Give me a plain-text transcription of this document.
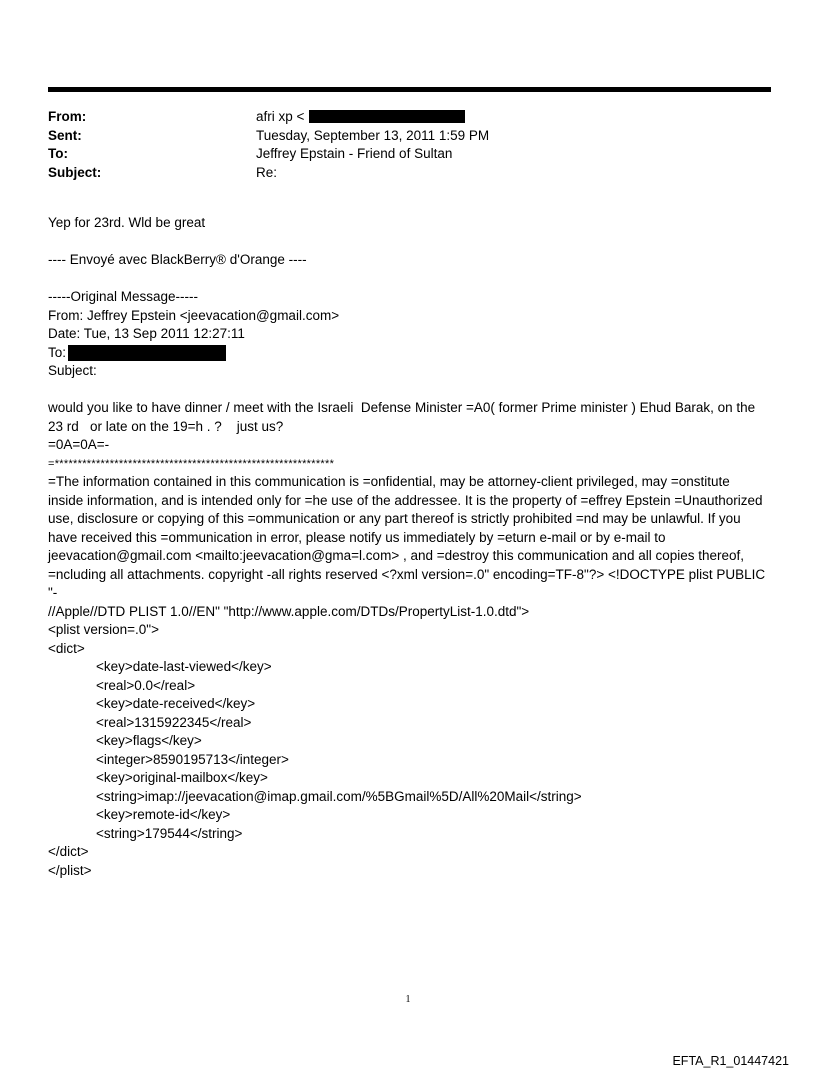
From:	afri xp <
Sent:	Tuesday, September 13, 2011 1:59 PM
To:	Jeffrey Epstain - Friend of Sultan
Subject:	Re:

Yep for 23rd. Wld be great

---- Envoyé avec BlackBerry® d'Orange ----

-----Original Message-----

From: Jeffrey Epstein <jeevacation@gmail.com>

Date: Tue, 13 Sep 2011 12:27:11

To:

Subject:

would you like to have dinner / meet with the Israeli  Defense Minister =A0( former Prime minister ) Ehud Barak, on the

23 rd   or late on the 19=h . ?    just us?

=0A=0A=-

=*************************************************************

=The information contained in this communication is =onfidential, may be attorney-client privileged, may =onstitute

inside information, and is intended only for =he use of the addressee. It is the property of =effrey Epstein =Unauthorized

use, disclosure or copying of this =ommunication or any part thereof is strictly prohibited =nd may be unlawful. If you

have received this =ommunication in error, please notify us immediately by =eturn e-mail or by e-mail to

jeevacation@gmail.com <mailto:jeevacation@gma=l.com> , and =destroy this communication and all copies thereof,

=ncluding all attachments. copyright -all rights reserved <?xml version=.0" encoding=TF-8"?> <!DOCTYPE plist PUBLIC "-

//Apple//DTD PLIST 1.0//EN" "http://www.apple.com/DTDs/PropertyList-1.0.dtd">

<plist version=.0">

<dict>

<key>date-last-viewed</key>

<real>0.0</real>

<key>date-received</key>

<real>1315922345</real>

<key>flags</key>

<integer>8590195713</integer>

<key>original-mailbox</key>

<string>imap://jeevacation@imap.gmail.com/%5BGmail%5D/All%20Mail</string>

<key>remote-id</key>

<string>179544</string>

</dict>

</plist>

1
EFTA_R1_01447421
